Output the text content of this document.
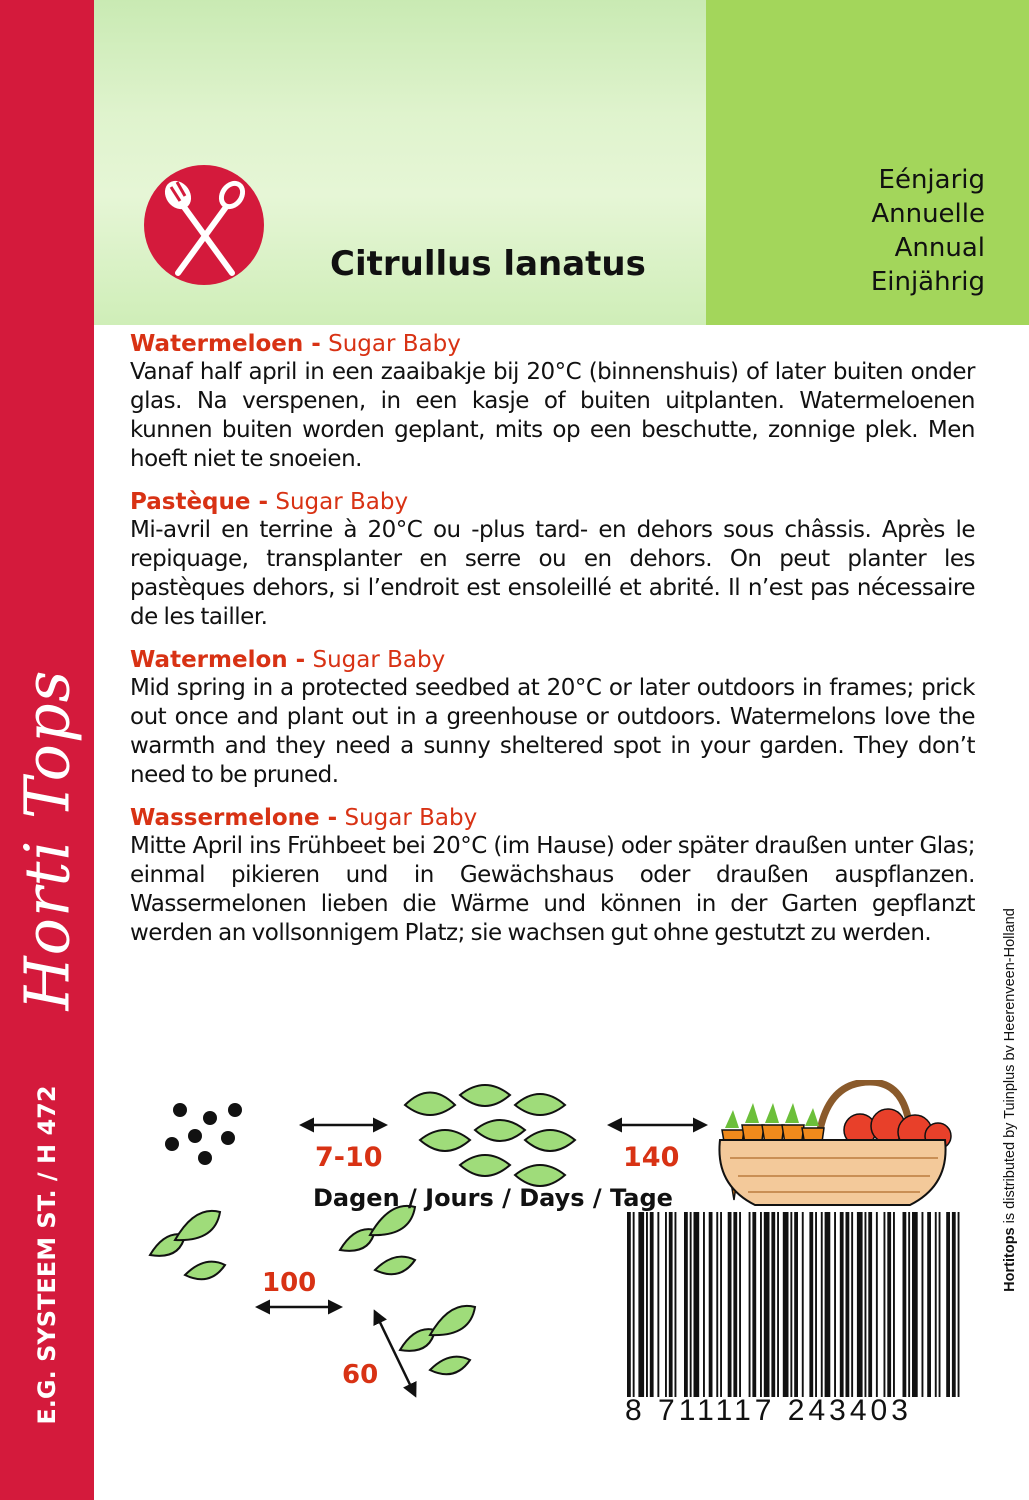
Horti Tops
E.G. SYSTEEM ST. / H 472
Citrullus lanatus
Eénjarig
Annuelle
Annual
Einjährig
Watermeloen - Sugar Baby

Vanaf half april in een zaaibakje bij 20°C (binnenshuis) of later buiten onder glas. Na verspenen, in een kasje of buiten uitplanten. Watermeloenen kunnen buiten worden geplant, mits op een beschutte, zonnige plek. Men hoeft niet te snoeien.

Pastèque - Sugar Baby

Mi-avril en terrine à 20°C ou -plus tard- en dehors sous châssis. Après le repiquage, transplanter en serre ou en dehors. On peut planter les pastèques dehors, si l’endroit est ensoleillé et abrité. Il n’est pas nécessaire de les tailler.

Watermelon - Sugar Baby

Mid spring in a protected seedbed at 20°C or later outdoors in frames; prick out once and plant out in a greenhouse or outdoors. Watermelons love the warmth and they need a sunny sheltered spot in your garden. They don’t need to be pruned.

Wassermelone - Sugar Baby

Mitte April ins Frühbeet bei 20°C (im Hause) oder später draußen unter Glas; einmal pikieren und in Gewächshaus oder draußen auspflanzen. Wassermelonen lieben die Wärme und können in der Garten gepflanzt werden an vollsonnigem Platz; sie wachsen gut ohne gestutzt zu werden.

7-10	140
Dagen / Jours / Days / Tage
100
60
8 711117 243403
Hortitops is distributed by Tuinplus bv Heerenveen-Holland
